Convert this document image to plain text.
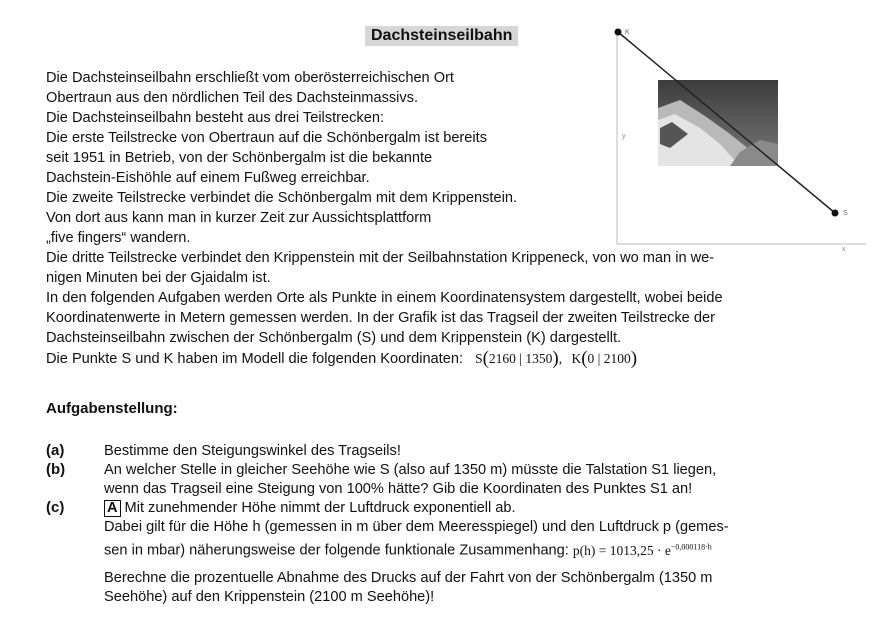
Dachsteinseilbahn
Die Dachsteinseilbahn erschließt vom oberösterreichischen Ort
Obertraun aus den nördlichen Teil des Dachsteinmassivs.
Die Dachsteinseilbahn besteht aus drei Teilstrecken:
Die erste Teilstrecke von Obertraun auf die Schönbergalm ist bereits
seit 1951 in Betrieb, von der Schönbergalm ist die bekannte
Dachstein-Eishöhle auf einem Fußweg erreichbar.
Die zweite Teilstrecke verbindet die Schönbergalm mit dem Krippenstein.
Von dort aus kann man in kurzer Zeit zur Aussichtsplattform
„five fingers“ wandern.
Die dritte Teilstrecke verbindet den Krippenstein mit der Seilbahnstation Krippeneck, von wo man in we-
nigen Minuten bei der Gjaidalm ist.
In den folgenden Aufgaben werden Orte als Punkte in einem Koordinatensystem dargestellt, wobei beide
Koordinatenwerte in Metern gemessen werden. In der Grafik ist das Tragseil der zweiten Teilstrecke der
Dachsteinseilbahn zwischen der Schönbergalm (S) und dem Krippenstein (K) dargestellt.
Die Punkte S und K haben im Modell die folgenden Koordinaten: S(2160 | 1350), K(0 | 2100)
y
x
K
S
Aufgabenstellung:
(a)	Bestimme den Steigungswinkel des Tragseils!
(b)	An welcher Stelle in gleicher Seehöhe wie S (also auf 1350 m) müsste die Talstation S1 liegen,
wenn das Tragseil eine Steigung von 100% hätte? Gib die Koordinaten des Punktes S1 an!
(c)	A Mit zunehmender Höhe nimmt der Luftdruck exponentiell ab.
Dabei gilt für die Höhe h (gemessen in m über dem Meeresspiegel) und den Luftdruck p (gemes-
sen in mbar) näherungsweise der folgende funktionale Zusammenhang: $p(h) = 1013,25 \cdot e^{-0,000118\cdot h}$
Berechne die prozentuelle Abnahme des Drucks auf der Fahrt von der Schönbergalm (1350 m
Seehöhe) auf den Krippenstein (2100 m Seehöhe)!
